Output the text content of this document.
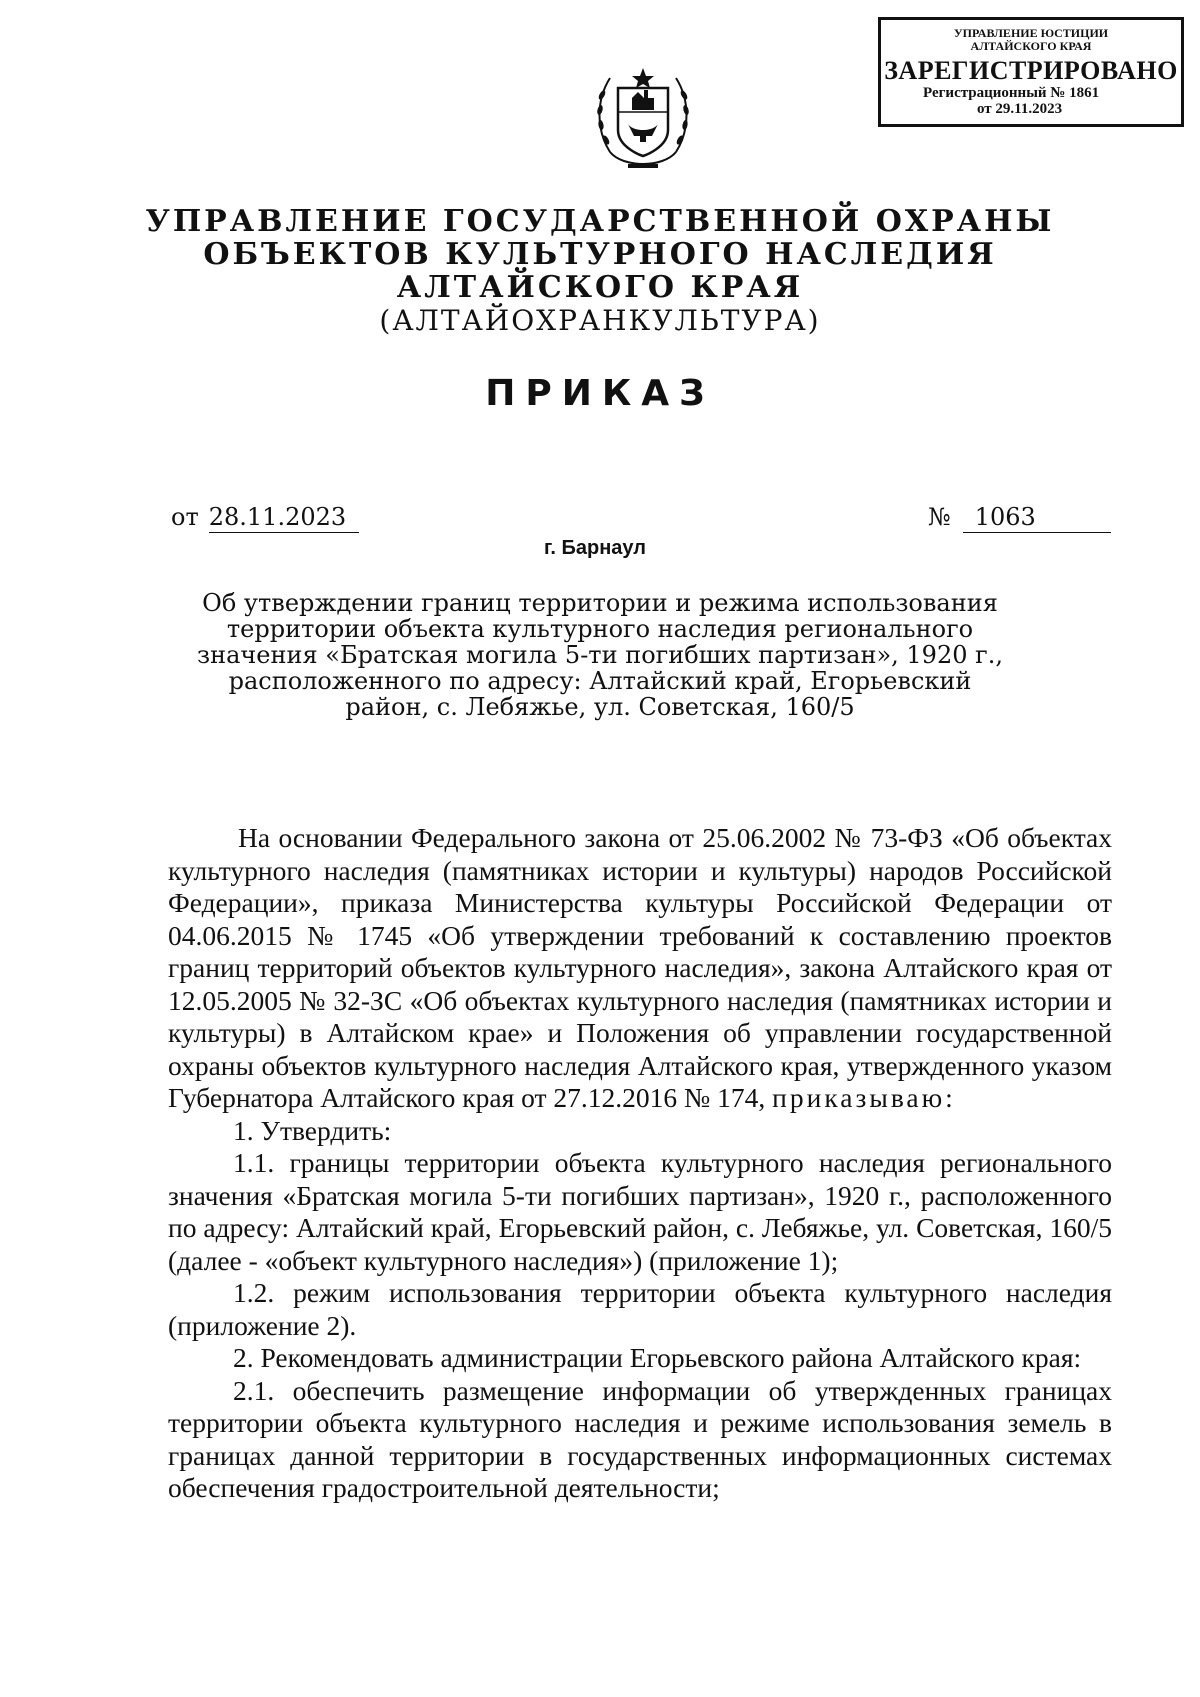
УПРАВЛЕНИЕ ЮСТИЦИИ
АЛТАЙСКОГО КРАЯ
ЗАРЕГИСТРИРОВАНО
Регистрационный № 1861
от 29.11.2023
УПРАВЛЕНИЕ ГОСУДАРСТВЕННОЙ ОХРАНЫ
ОБЪЕКТОВ КУЛЬТУРНОГО НАСЛЕДИЯ
АЛТАЙСКОГО КРАЯ
(АЛТАЙОХРАНКУЛЬТУРА)
ПРИКАЗ
от 28.11.2023	№ 1063
г. Барнаул
Об утверждении границ территории и режима использования
территории объекта культурного наследия регионального
значения «Братская могила 5-ти погибших партизан», 1920 г.,
расположенного по адресу: Алтайский край, Егорьевский
район, с. Лебяжье, ул. Советская, 160/5

На основании Федерального закона от 25.06.2002 № 73-ФЗ «Об объектах культурного наследия (памятниках истории и культуры) народов Российской Федерации», приказа Министерства культуры Российской Федерации от 04.06.2015 № 1745 «Об утверждении требований к составлению проектов границ территорий объектов культурного наследия», закона Алтайского края от 12.05.2005 № 32-ЗС «Об объектах культурного наследия (памятниках истории и культуры) в Алтайском крае» и Положения об управлении государственной охраны объектов культурного наследия Алтайского края, утвержденного указом Губернатора Алтайского края от 27.12.2016 № 174, приказываю:

1. Утвердить:

1.1. границы территории объекта культурного наследия регионального значения «Братская могила 5-ти погибших партизан», 1920 г., расположенного по адресу: Алтайский край, Егорьевский район, с. Лебяжье, ул. Советская, 160/5 (далее - «объект культурного наследия») (приложение 1);

1.2. режим использования территории объекта культурного наследия (приложение 2).

2. Рекомендовать администрации Егорьевского района Алтайского края:

2.1. обеспечить размещение информации об утвержденных границах территории объекта культурного наследия и режиме использования земель в границах данной территории в государственных информационных системах обеспечения градостроительной деятельности;
